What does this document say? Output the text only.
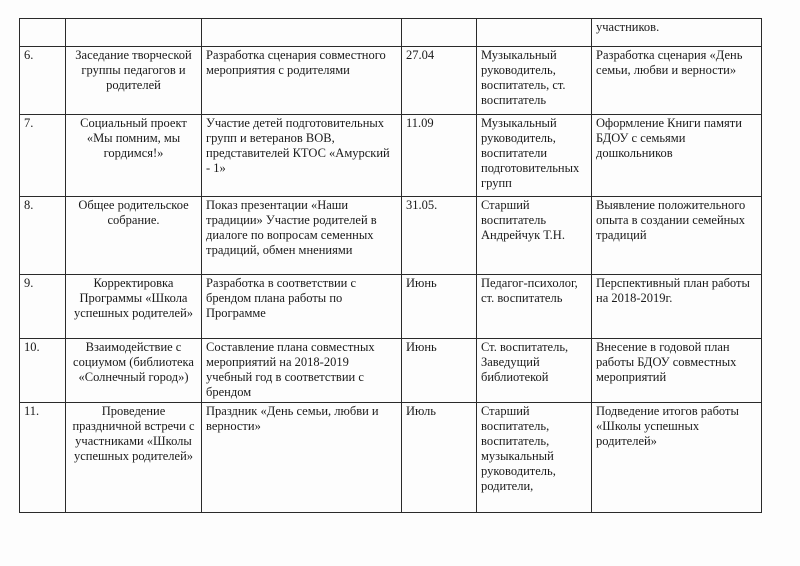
					участников.

6.	Заседание творческой группы педагогов и родителей	Разработка сценария совместного мероприятия с родителями	27.04	Музыкальный руководитель, воспитатель, ст. воспитатель	Разработка сценария «День семьи, любви и верности»
7.	Социальный проект «Мы помним, мы гордимся!»	Участие детей подготовительных групп и ветеранов ВОВ, представителей КТОС «Амурский - 1»	11.09	Музыкальный руководитель, воспитатели подготовительных групп	Оформление Книги памяти БДОУ с семьями дошкольников
8.	Общее родительское собрание.	Показ презентации «Наши традиции» Участие родителей в диалоге по вопросам семенных традиций, обмен мнениями	31.05.	Старший воспитатель Андрейчук Т.Н.	Выявление положительного опыта в создании семейных традиций
9.	Корректировка Программы «Школа успешных родителей»	Разработка в соответствии с брендом плана работы по Программе	Июнь	Педагог-психолог, ст. воспитатель	Перспективный план работы на 2018-2019г.
10.	Взаимодействие с социумом (библиотека «Солнечный город»)	Составление плана совместных мероприятий на 2018-2019 учебный год в соответствии с брендом	Июнь	Ст. воспитатель, Заведущий библиотекой	Внесение в годовой план работы БДОУ совместных мероприятий
11.	Проведение праздничной встречи с участниками «Школы успешных родителей»	Праздник «День семьи, любви и верности»	Июль	Старший воспитатель, воспитатель, музыкальный руководитель, родители,	Подведение итогов работы «Школы успешных родителей»
